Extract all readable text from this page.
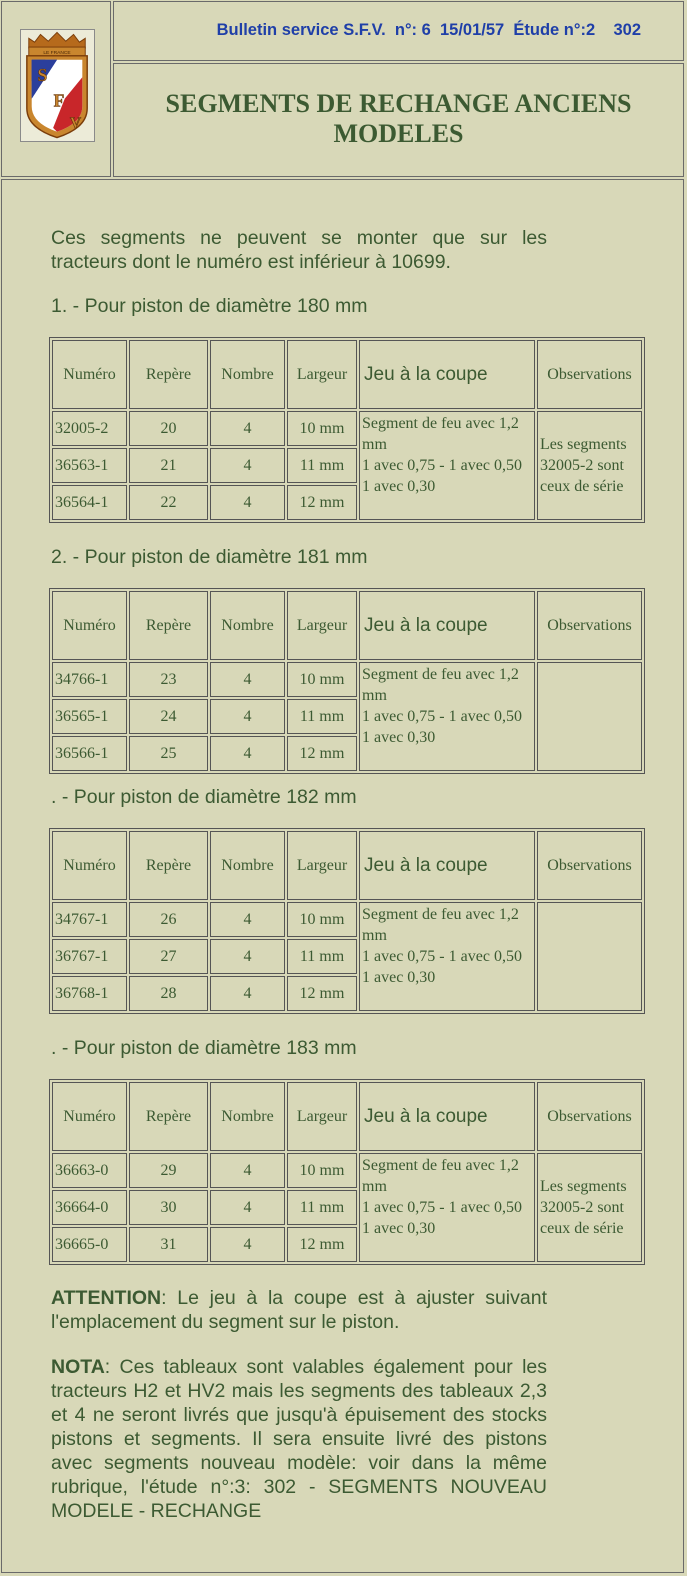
LE FRANCE
S
F
V
Bulletin service S.F.V.  n°: 6  15/01/57  Étude n°:2    302
SEGMENTS DE RECHANGE ANCIENS MODELES

Ces segments ne peuvent se monter que sur les tracteurs dont le numéro est inférieur à 10699.

1. - Pour piston de diamètre 180 mm
Numéro	Repère	Nombre	Largeur	Jeu à la coupe	Observations
32005-2	20	4	10 mm	Segment de feu avec 1,2 mm
1 avec 0,75 - 1 avec 0,50
1 avec 0,30	Les segments 32005-2 sont ceux de série
36563-1	21	4	11 mm		
36564-1	22	4	12 mm		
2. - Pour piston de diamètre 181 mm
Numéro	Repère	Nombre	Largeur	Jeu à la coupe	Observations
34766-1	23	4	10 mm	Segment de feu avec 1,2 mm
1 avec 0,75 - 1 avec 0,50
1 avec 0,30	
36565-1	24	4	11 mm		
36566-1	25	4	12 mm		
. - Pour piston de diamètre 182 mm
Numéro	Repère	Nombre	Largeur	Jeu à la coupe	Observations
34767-1	26	4	10 mm	Segment de feu avec 1,2 mm
1 avec 0,75 - 1 avec 0,50
1 avec 0,30	
36767-1	27	4	11 mm		
36768-1	28	4	12 mm		
. - Pour piston de diamètre 183 mm
Numéro	Repère	Nombre	Largeur	Jeu à la coupe	Observations
36663-0	29	4	10 mm	Segment de feu avec 1,2 mm
1 avec 0,75 - 1 avec 0,50
1 avec 0,30	Les segments 32005-2 sont ceux de série
36664-0	30	4	11 mm		
36665-0	31	4	12 mm		

ATTENTION: Le jeu à la coupe est à ajuster suivant l'emplacement du segment sur le piston.

NOTA: Ces tableaux sont valables également pour les tracteurs H2 et HV2 mais les segments des tableaux 2,3 et 4 ne seront livrés que jusqu'à épuisement des stocks pistons et segments. Il sera ensuite livré des pistons avec segments nouveau modèle: voir dans la même rubrique, l'étude n°:3: 302 - SEGMENTS NOUVEAU MODELE - RECHANGE
